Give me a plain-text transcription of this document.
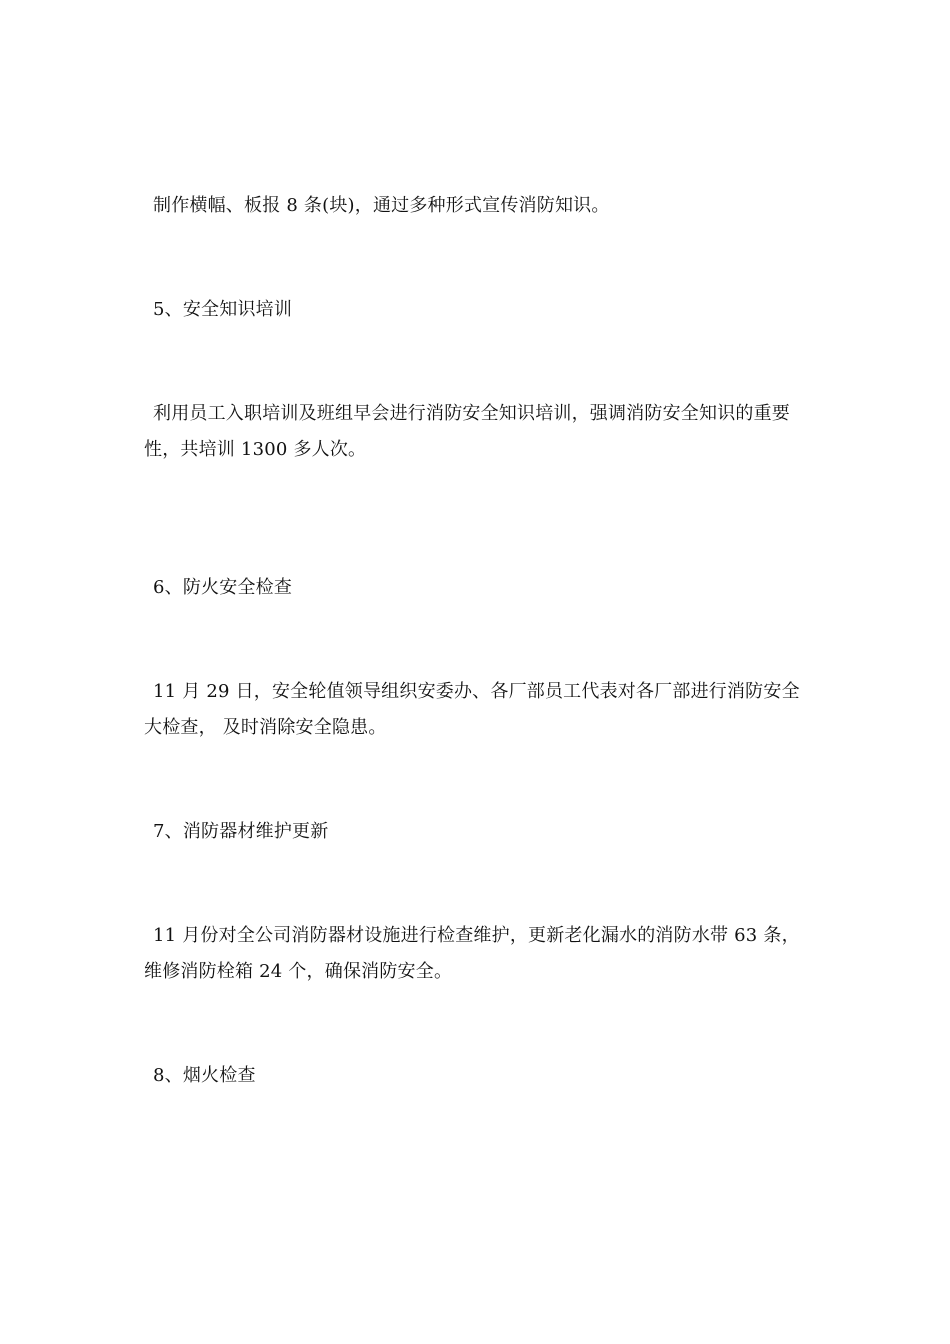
制作横幅、板报 8 条(块)，通过多种形式宣传消防知识。

5、安全知识培训

利用员工入职培训及班组早会进行消防安全知识培训，强调消防安全知识的重要性，共培训 1300 多人次。

6、防火安全检查

11 月 29 日，安全轮值领导组织安委办、各厂部员工代表对各厂部进行消防安全大检查， 及时消除安全隐患。

7、消防器材维护更新

11 月份对全公司消防器材设施进行检查维护，更新老化漏水的消防水带 63 条，维修消防栓箱 24 个，确保消防安全。

8、烟火检查
